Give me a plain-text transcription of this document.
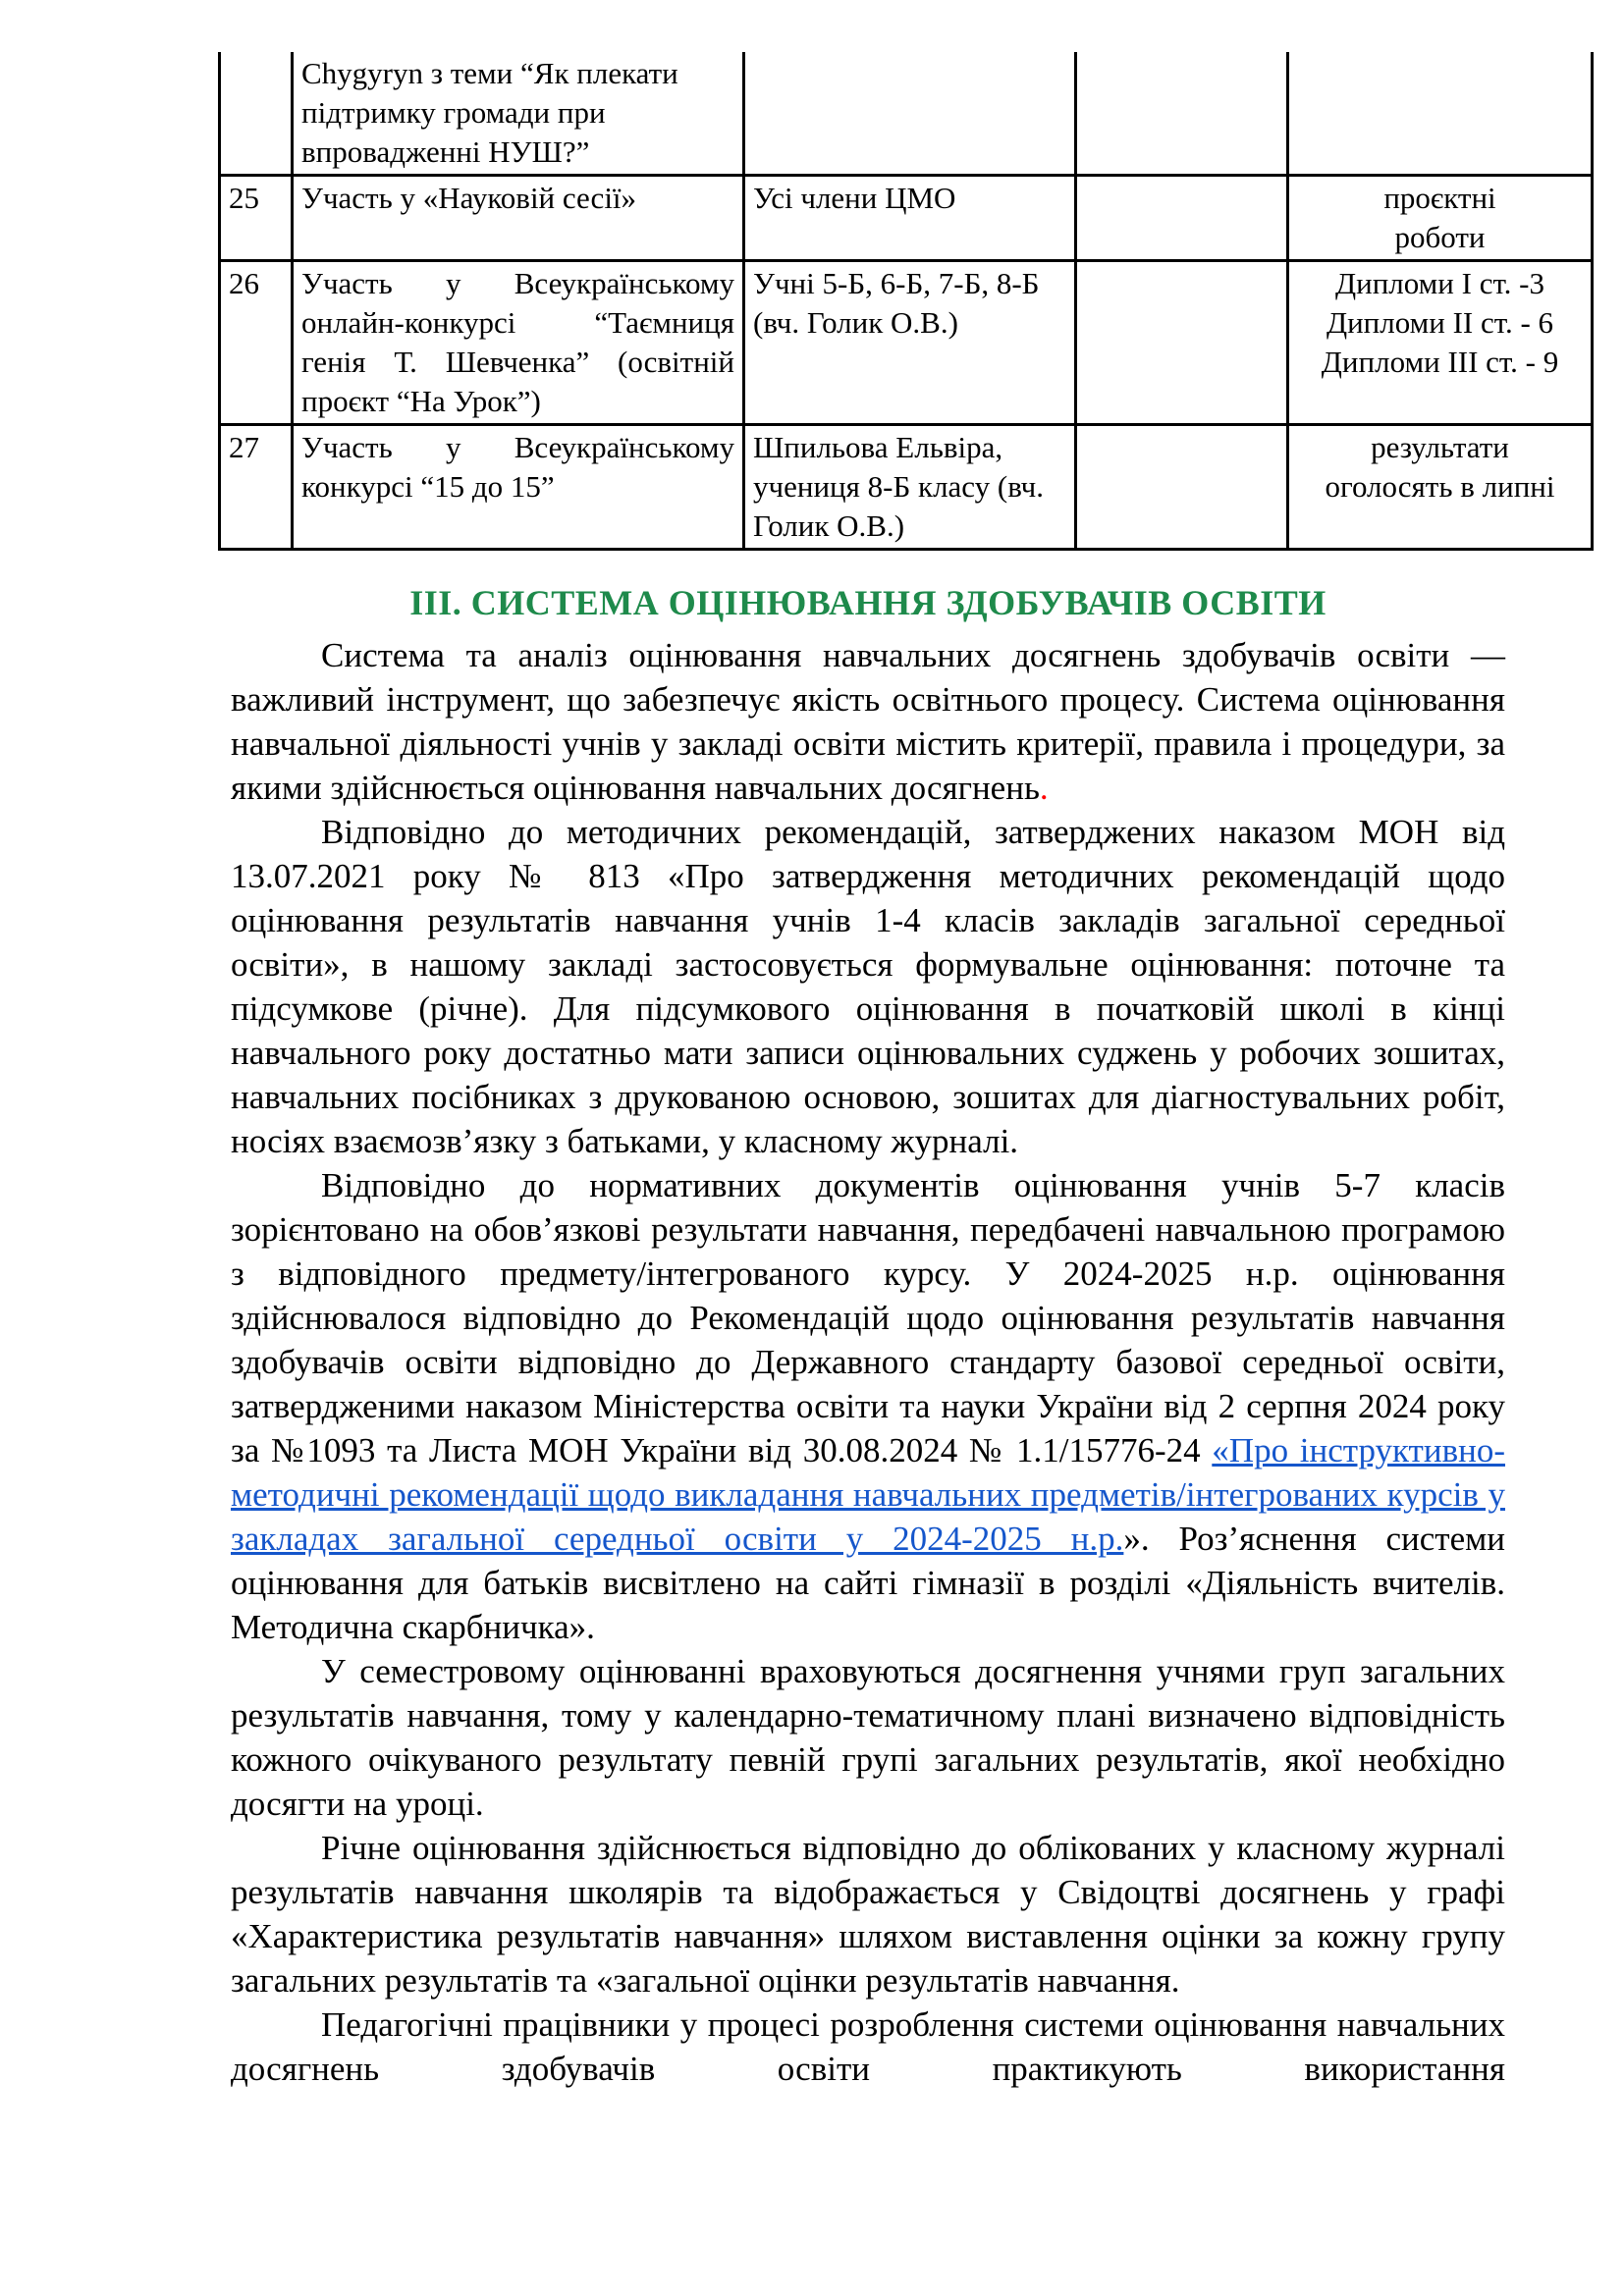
	Chygyryn з теми “Як плекати підтримку громади при впровадженні НУШ?”			
25	Участь у «Науковій сесії»	Усі члени ЦМО		проєктні
роботи

26	Участь у Всеукраїнському онлайн-конкурсі “Таємниця генія Т. Шевченка” (освітній проєкт “На Урок”)	Учні 5-Б, 6-Б, 7-Б, 8-Б (вч. Голик О.В.)		Дипломи І ст. -3
Дипломи ІІ ст. - 6
Дипломи ІІІ ст. - 9

27	Участь у Всеукраїнському конкурсі “15 до 15”	Шпильова Ельвіра, учениця 8-Б класу (вч. Голик О.В.)		результати
оголосять в липні
ІІІ. СИСТЕМА ОЦІНЮВАННЯ ЗДОБУВАЧІВ ОСВІТИ

Система та аналіз оцінювання навчальних досягнень здобувачів освіти — важливий інструмент, що забезпечує якість освітнього процесу. Система оцінювання навчальної діяльності учнів у закладі освіти містить критерії, правила і процедури, за якими здійснюється оцінювання навчальних досягнень.

Відповідно до методичних рекомендацій, затверджених наказом МОН від 13.07.2021 року № 813 «Про затвердження методичних рекомендацій щодо оцінювання результатів навчання учнів 1-4 класів закладів загальної середньої освіти», в нашому закладі застосовується формувальне оцінювання: поточне та підсумкове (річне). Для підсумкового оцінювання в початковій школі в кінці навчального року достатньо мати записи оцінювальних суджень у робочих зошитах, навчальних посібниках з друкованою основою, зошитах для діагностувальних робіт, носіях взаємозв’язку з батьками, у класному журналі.

Відповідно до нормативних документів оцінювання учнів 5-7 класів зорієнтовано на обов’язкові результати навчання, передбачені навчальною програмою з відповідного предмету/інтегрованого курсу. У 2024-2025 н.р. оцінювання здійснювалося відповідно до Рекомендацій щодо оцінювання результатів навчання здобувачів освіти відповідно до Державного стандарту базової середньої освіти, затвердженими наказом Міністерства освіти та науки України від 2 серпня 2024 року за №1093 та Листа МОН України від 30.08.2024 № 1.1/15776-24 «Про інструктивно-методичні рекомендації щодо викладання навчальних предметів/інтегрованих курсів у закладах загальної середньої освіти у 2024-2025 н.р.». Роз’яснення системи оцінювання для батьків висвітлено на сайті гімназії в розділі «Діяльність вчителів. Методична скарбничка».

У семестровому оцінюванні враховуються досягнення учнями груп загальних результатів навчання, тому у календарно-тематичному плані визначено відповідність кожного очікуваного результату певній групі загальних результатів, якої необхідно досягти на уроці.

Річне оцінювання здійснюється відповідно до облікованих у класному журналі результатів навчання школярів та відображається у Свідоцтві досягнень у графі «Характеристика результатів навчання» шляхом виставлення оцінки за кожну групу загальних результатів та «загальної оцінки результатів навчання.

Педагогічні працівники у процесі розроблення системи оцінювання навчальних досягнень здобувачів освіти практикують використання
